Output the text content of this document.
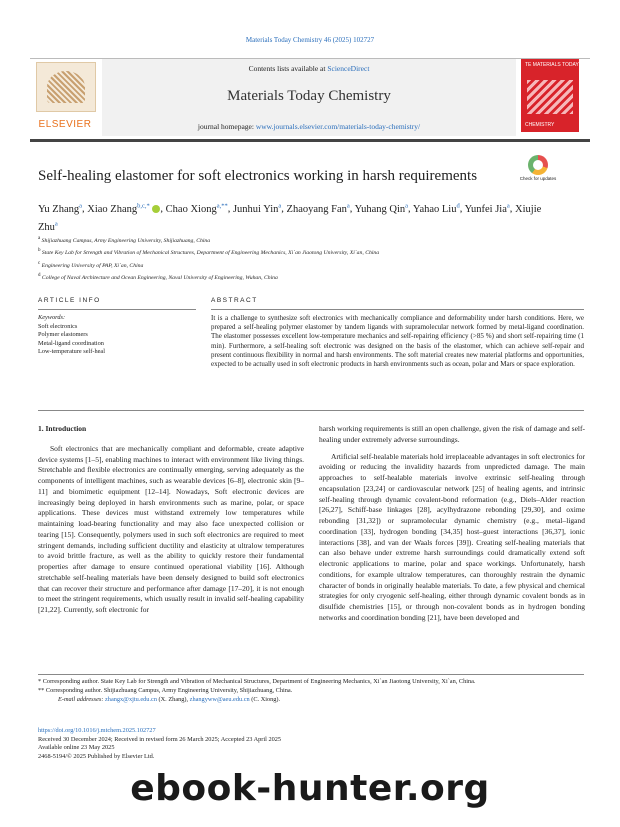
Materials Today Chemistry 46 (2025) 102727
ELSEVIER
Contents lists available at ScienceDirect
Materials Today Chemistry
journal homepage: www.journals.elsevier.com/materials-today-chemistry/
TE MATERIALS TODAY
CHEMISTRY
Self-healing elastomer for soft electronics working in harsh requirements	Check for updates
Yu Zhang$^a$, Xiao Zhang$^{b,c,*}$ , Chao Xiong$^{a,**}$, Junhui Yin$^a$, Zhaoyang Fan$^a$, Yuhang Qin$^a$, Yahao Liu$^d$, Yunfei Jia$^a$, Xiujie Zhu$^a$
a Shijiazhuang Campus, Army Engineering University, Shijiazhuang, China
b State Key Lab for Strength and Vibration of Mechanical Structures, Department of Engineering Mechanics, Xi`an Jiaotong University, Xi`an, China
c Engineering University of PAP, Xi`an, China
d College of Naval Architecture and Ocean Engineering, Naval University of Engineering, Wuhan, China
ARTICLE INFO	ABSTRACT
Keywords:
Soft electronics
Polymer elastomers
Metal-ligand coordination
Low-temperature self-heal
It is a challenge to synthesize soft electronics with mechanically compliance and deformability under harsh conditions. Here, we prepared a self-healing polymer elastomer by tandem ligands with supramolecular network formed by metal-ligand coordination. The elastomer possesses excellent low-temperature mechanics and self-repairing efficiency (>85 %) and short self-repairing time (1 min). Furthermore, a self-healing soft electronic was designed on the basis of the elastomer, which can achieve self-repair and present continuous flexibility in normal and harsh environments. The soft material creates new material platforms and opportunities, expected to be actually used in soft electronic products in harsh environments such as ocean, polar and Mars or space exploration.

1. Introduction

Soft electronics that are mechanically compliant and deformable, create adaptive device systems [1–5], enabling machines to interact with environment like living things. Stretchable and flexible electronics are continually emerging, serving adequately as the components of intelligent machines, such as wearable devices [6–8], electronic skin [9–11] and biomimetic equipment [12–14]. Nowadays, Soft electronic devices are increasingly being deployed in harsh environments such as marine, polar, or space applications. These devices must withstand extremely low temperatures while maintaining load-bearing functionality and may also face unexpected collision or tearing [15]. Consequently, polymers used in such soft electronics are required to meet stringent demands, including sufficient ductility and elasticity at ultralow temperatures to avoid brittle fracture, as well as the ability to quickly restore their fundamental properties after damage to ensure continued operational viability [16]. Although stretchable self-healing materials have been densely designed to build soft electronics that can recover their structure and performance after damage [17–20], it is not enough to meet the stringent requirements, which usually result in invalid self-healing capability [21,22]. Currently, soft electronic for

harsh working requirements is still an open challenge, given the risk of damage and self-healing under extremely adverse surroundings.

Artificial self-healable materials hold irreplaceable advantages in soft electronics for avoiding or reducing the invalidity hazards from unpredicted damage. The main approaches to self-healable materials involve extrinsic self-healing through encapsulation [23,24] or cardiovascular network [25] of healing agents, and intrinsic self-healing through dynamic covalent-bond reformation (e.g., Diels–Alder reaction [26,27], Schiff-base linkages [28], acylhydrazone rebonding [29,30], and oxime rebonding [31,32]) or supramolecular dynamic chemistry (e.g., metal–ligand coordination [33], hydrogen bonding [34,35] host–guest interactions [36,37], ionic interactions [38], and van der Waals forces [39]). Creating self-healing materials that can also behave under extreme harsh surroundings could dramatically extend soft electronic applications to marine, polar and space workings. Unfortunately, harsh conditions, for example ultralow temperatures, can thoroughly restrain the dynamic character of bonds in originally healable materials. To date, a few physical and chemical strategies for only cryogenic self-healing, either through dynamic covalent bonds as in disulfide chemistries [15], or through non-covalent bonds as in hydrogen bonding networks and coordination bonding [21], have been developed and

* Corresponding author. State Key Lab for Strength and Vibration of Mechanical Structures, Department of Engineering Mechanics, Xi`an Jiaotong University, Xi`an, China.
** Corresponding author. Shijiazhuang Campus, Army Engineering University, Shijiazhuang, China.
E-mail addresses: zhangx@xjtu.edu.cn (X. Zhang), zhangyww@aeu.edu.cn (C. Xiong).
https://doi.org/10.1016/j.mtchem.2025.102727
Received 30 December 2024; Received in revised form 26 March 2025; Accepted 23 April 2025
Available online 23 May 2025
2468-5194/© 2025 Published by Elsevier Ltd.
ebook-hunter.org
